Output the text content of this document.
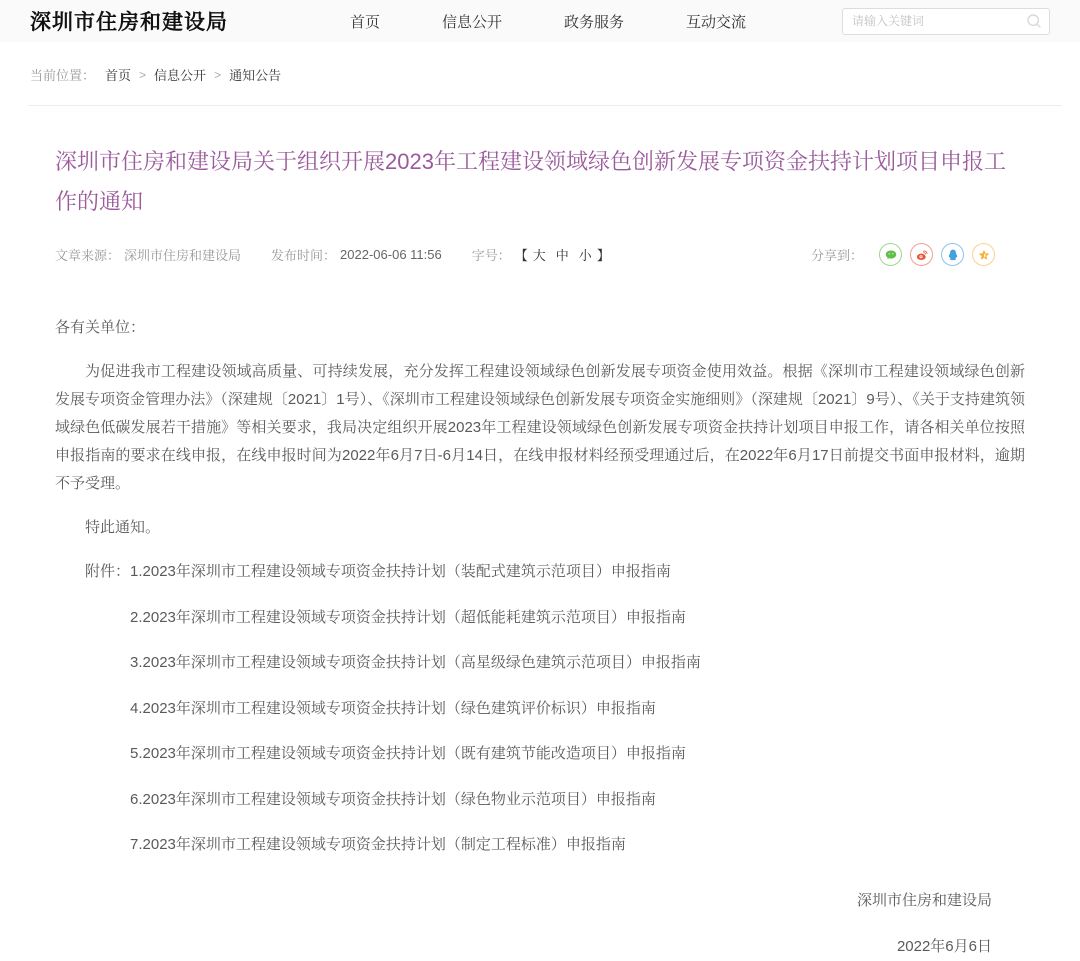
深圳市住房和建设局	首页	信息公开	政务服务	互动交流
请输入关键词
当前位置： 首页 > 信息公开 > 通知公告
深圳市住房和建设局关于组织开展2023年工程建设领域绿色创新发展专项资金扶持计划项目申报工作的通知
文章来源： 深圳市住房和建设局 发布时间： 2022-06-06 11:56 字号： 【 大 中 小 】	分享到：

各有关单位：

为促进我市工程建设领域高质量、可持续发展，充分发挥工程建设领域绿色创新发展专项资金使用效益。根据《深圳市工程建设领域绿色创新发展专项资金管理办法》（深建规〔2021〕1号）、《深圳市工程建设领域绿色创新发展专项资金实施细则》（深建规〔2021〕9号）、《关于支持建筑领域绿色低碳发展若干措施》等相关要求，我局决定组织开展2023年工程建设领域绿色创新发展专项资金扶持计划项目申报工作，请各相关单位按照申报指南的要求在线申报，在线申报时间为2022年6月7日-6月14日，在线申报材料经预受理通过后，在2022年6月17日前提交书面申报材料，逾期不予受理。

特此通知。

附件：1.2023年深圳市工程建设领域专项资金扶持计划（装配式建筑示范项目）申报指南
2.2023年深圳市工程建设领域专项资金扶持计划（超低能耗建筑示范项目）申报指南
3.2023年深圳市工程建设领域专项资金扶持计划（高星级绿色建筑示范项目）申报指南
4.2023年深圳市工程建设领域专项资金扶持计划（绿色建筑评价标识）申报指南
5.2023年深圳市工程建设领域专项资金扶持计划（既有建筑节能改造项目）申报指南
6.2023年深圳市工程建设领域专项资金扶持计划（绿色物业示范项目）申报指南
7.2023年深圳市工程建设领域专项资金扶持计划（制定工程标准）申报指南

深圳市住房和建设局

2022年6月6日
